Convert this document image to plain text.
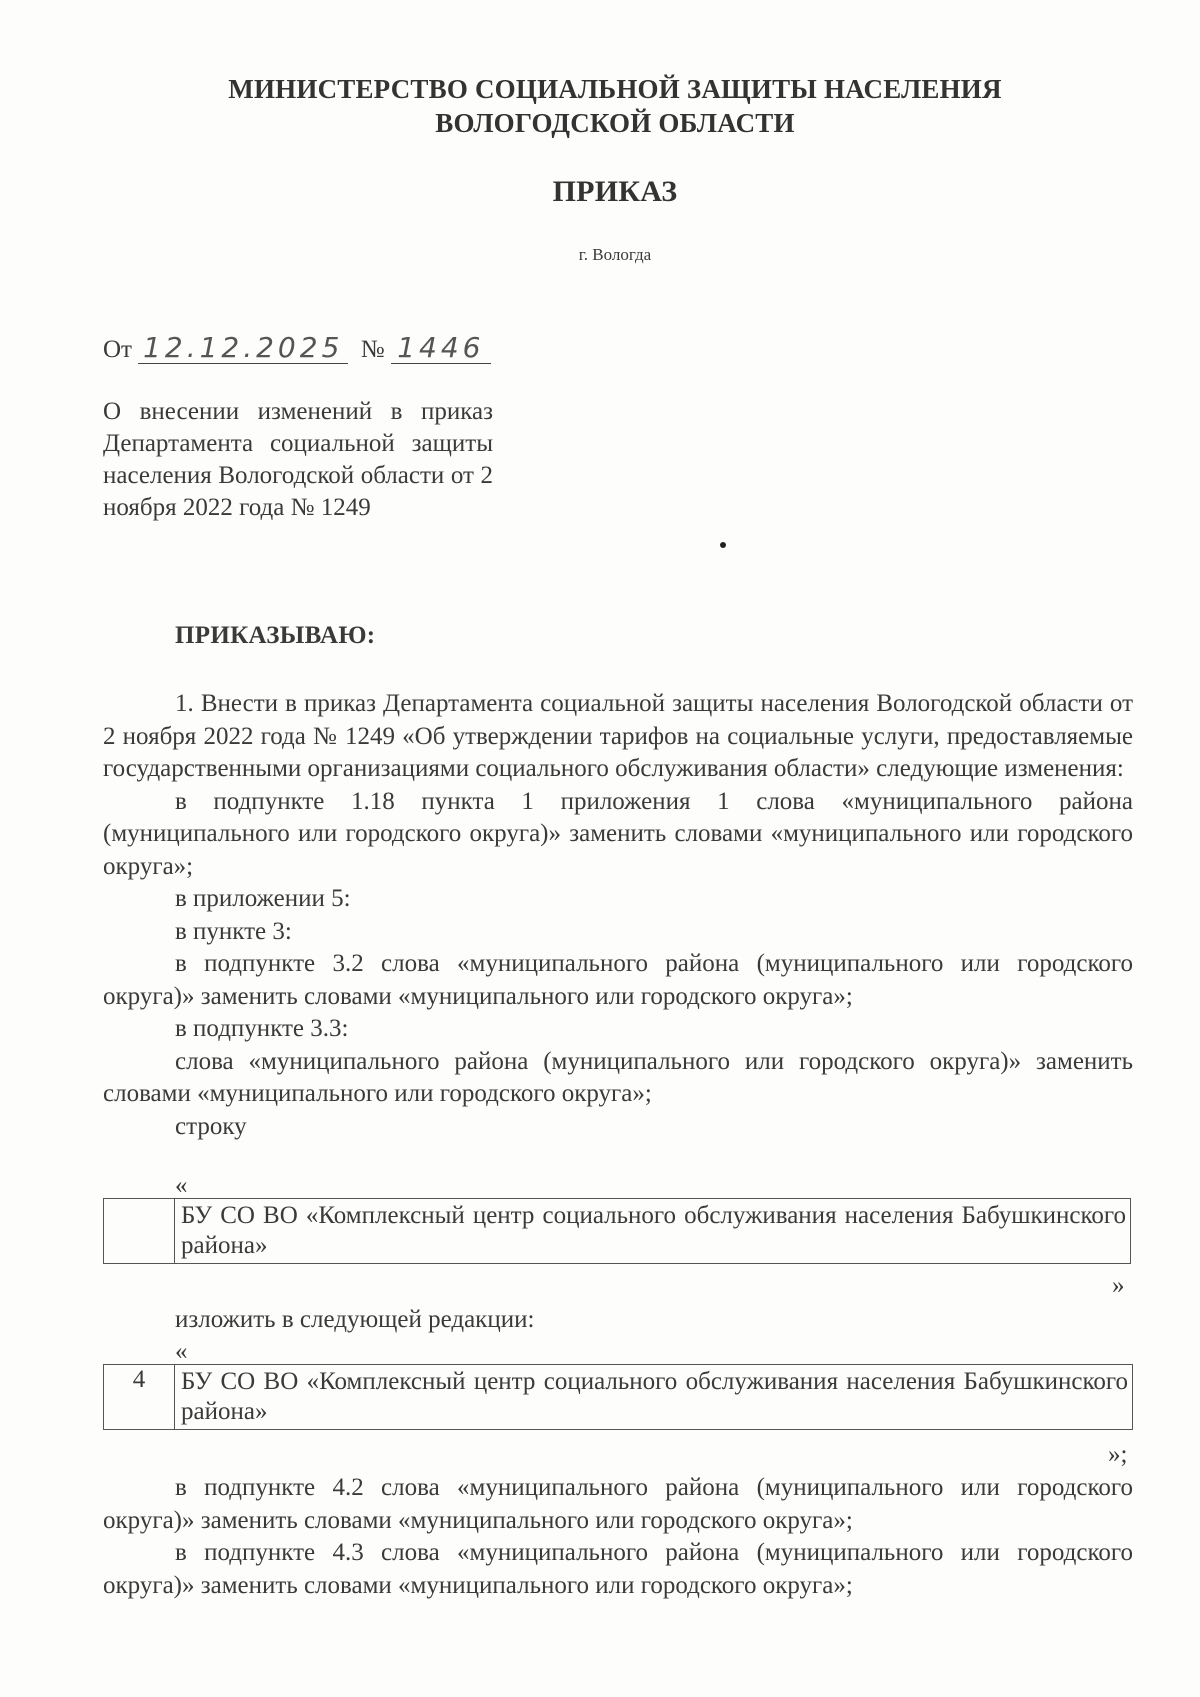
МИНИСТЕРСТВО СОЦИАЛЬНОЙ ЗАЩИТЫ НАСЕЛЕНИЯ
ВОЛОГОДСКОЙ ОБЛАСТИ
ПРИКАЗ
г. Вологда
От 12.12.2025 № 1446
О внесении изменений в приказ Департамента социальной защиты населения Вологодской области от 2 ноября 2022 года № 1249
ПРИКАЗЫВАЮ:

1. Внести в приказ Департамента социальной защиты населения Вологодской области от 2 ноября 2022 года № 1249 «Об утверждении тарифов на социальные услуги, предоставляемые государственными организациями социального обслуживания области» следующие изменения:

в подпункте 1.18 пункта 1 приложения 1 слова «муниципального района (муниципального или городского округа)» заменить словами «муниципального или городского округа»;

в приложении 5:

в пункте 3:

в подпункте 3.2 слова «муниципального района (муниципального или городского округа)» заменить словами «муниципального или городского округа»;

в подпункте 3.3:

слова «муниципального района (муниципального или городского округа)» заменить словами «муниципального или городского округа»;

строку

«
БУ СО ВО «Комплексный центр социального обслуживания населения Бабушкинского района»
»

изложить в следующей редакции:

«
4	БУ СО ВО «Комплексный центр социального обслуживания населения Бабушкинского района»
»;

в подпункте 4.2 слова «муниципального района (муниципального или городского округа)» заменить словами «муниципального или городского округа»;

в подпункте 4.3 слова «муниципального района (муниципального или городского округа)» заменить словами «муниципального или городского округа»;
